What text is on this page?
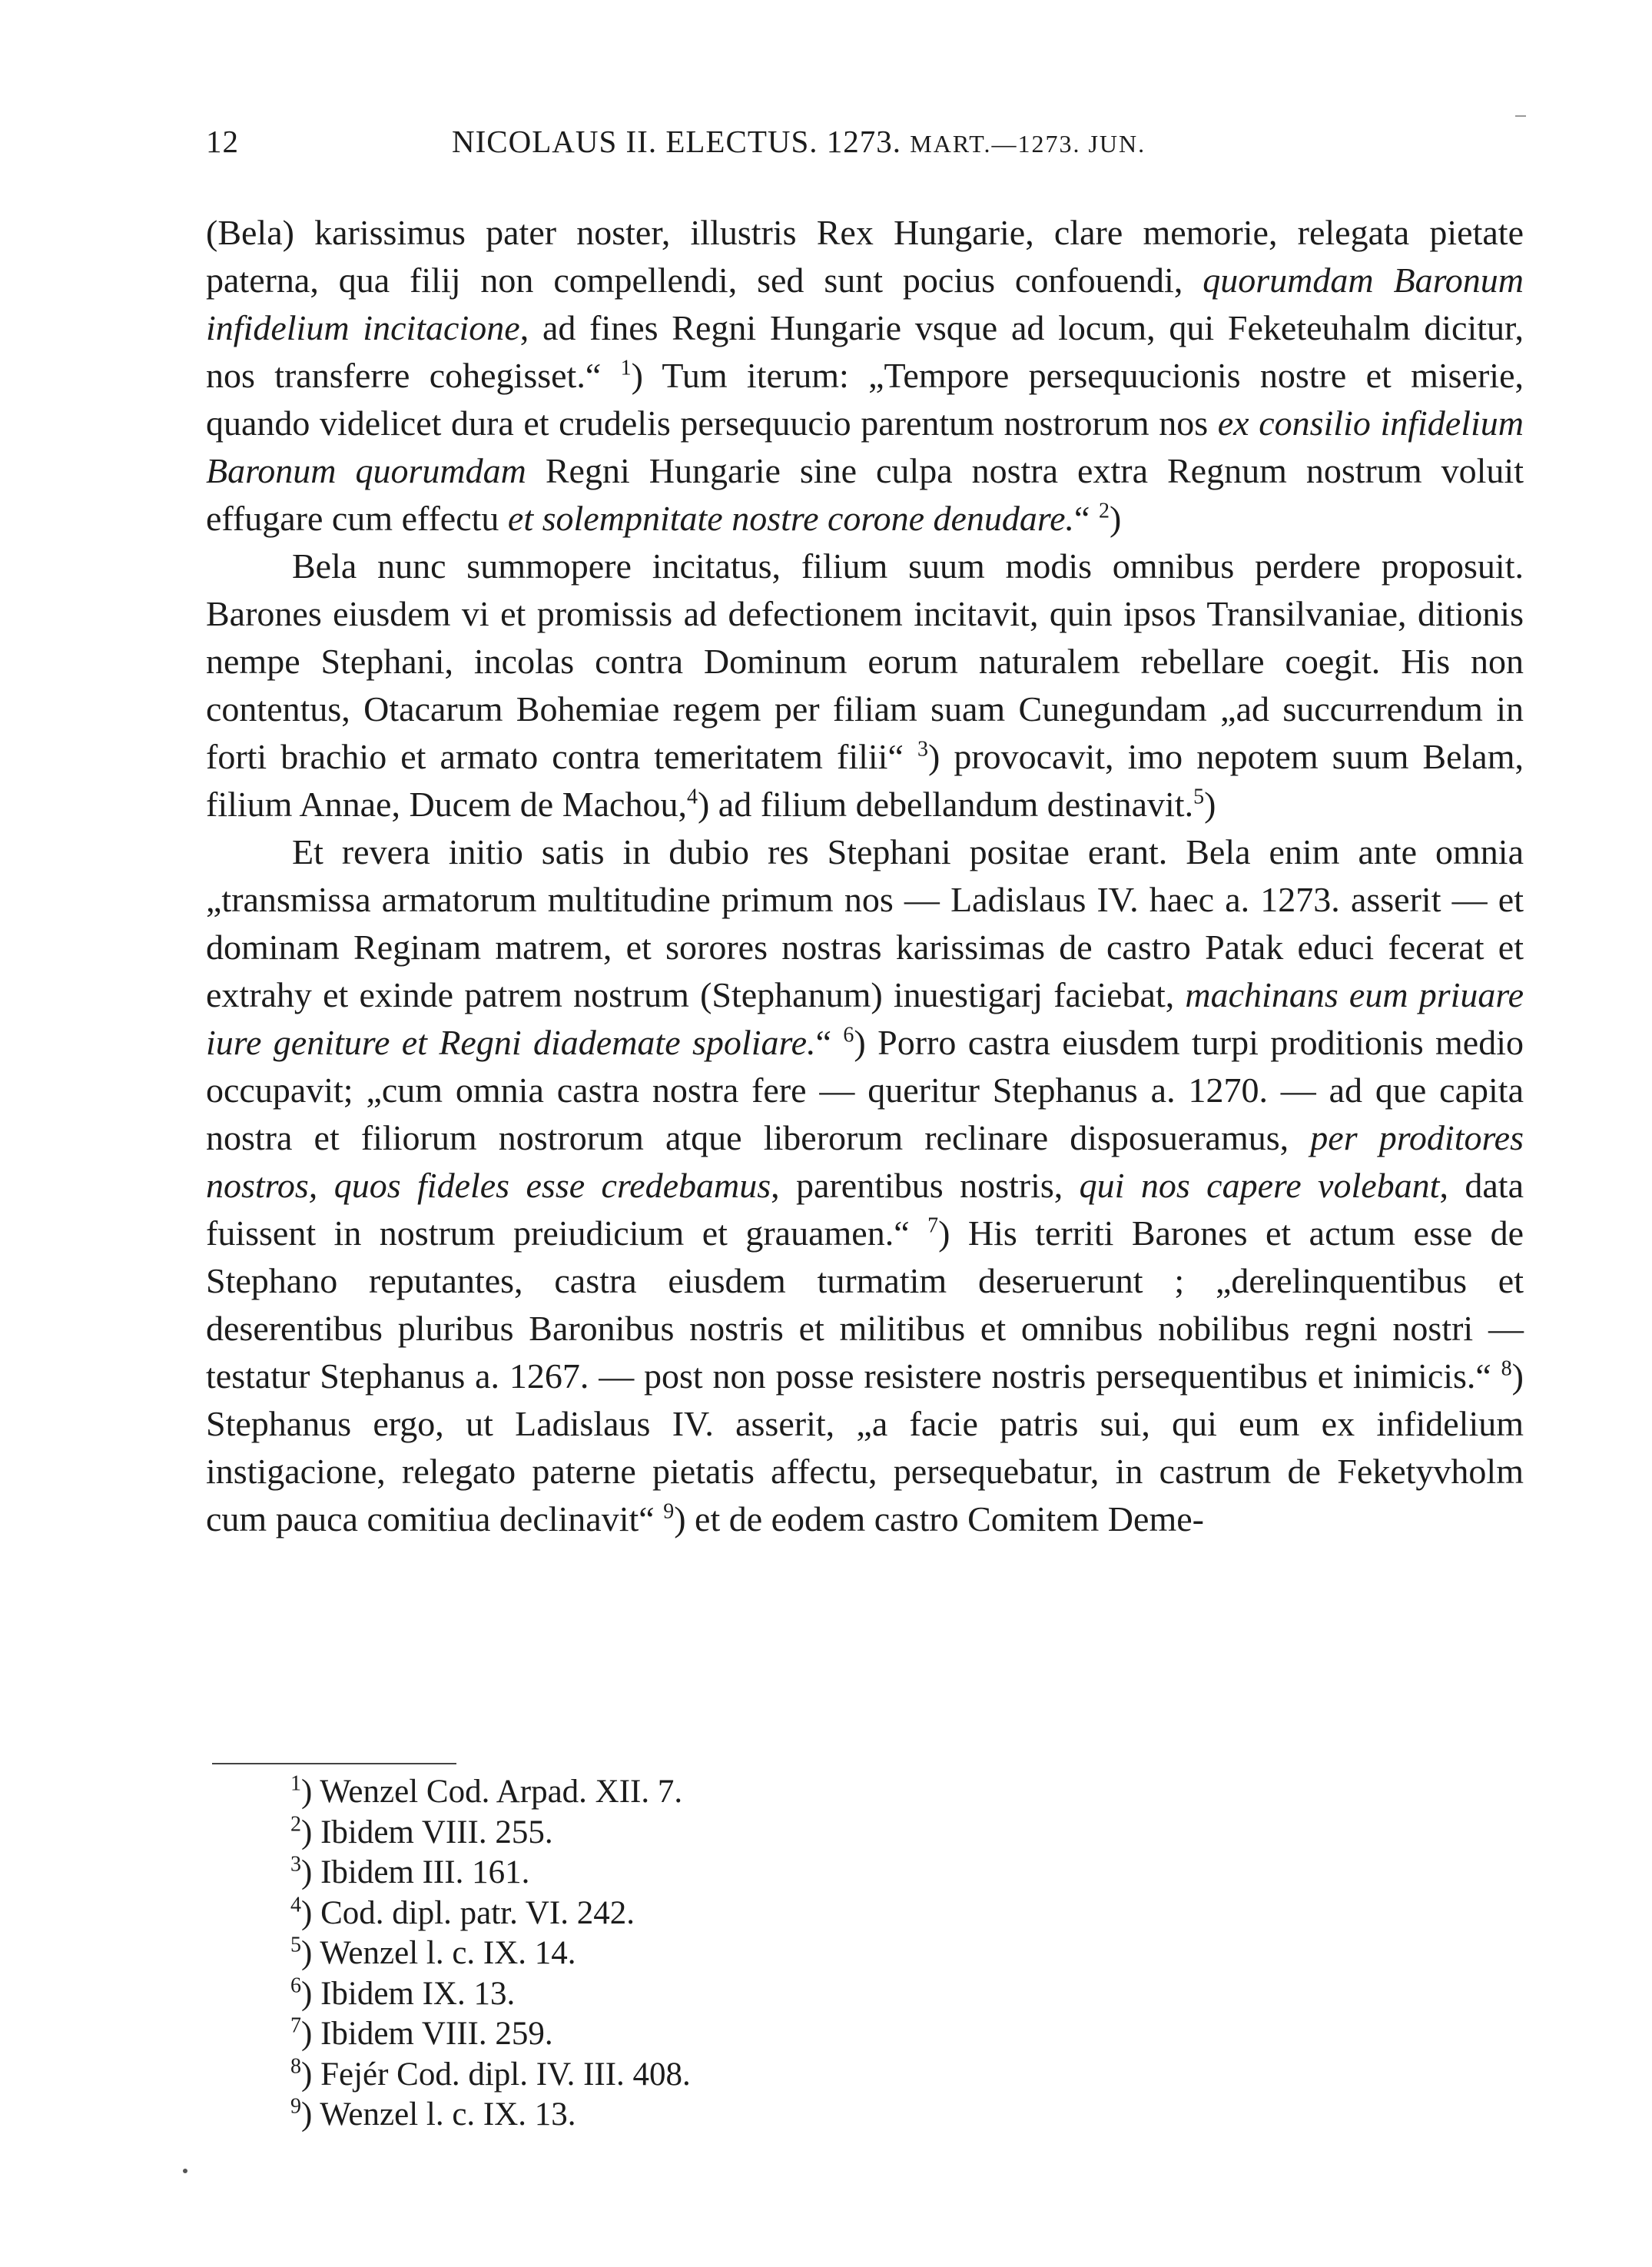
12	NICOLAUS II. ELECTUS. 1273. MART.—1273. JUN.

(Bela) karissimus pater noster, illustris Rex Hungarie, clare memorie, relegata pietate paterna, qua filij non compellendi, sed sunt pocius confouendi, quorumdam Baronum infidelium incitacione, ad fines Regni Hungarie vsque ad locum, qui Feketeuhalm dicitur, nos transferre cohegisset.“ $^1$) Tum iterum: „Tempore persequucionis nostre et miserie, quando videlicet dura et crudelis persequucio parentum nostrorum nos ex consilio infidelium Baronum quorumdam Regni Hungarie sine culpa nostra extra Regnum nostrum voluit effugare cum effectu et solempnitate nostre corone denudare.“ $^2$)

Bela nunc summopere incitatus, filium suum modis omnibus perdere proposuit. Barones eiusdem vi et promissis ad defectionem incitavit, quin ipsos Transilvaniae, ditionis nempe Stephani, incolas contra Dominum eorum naturalem rebellare coegit. His non contentus, Otacarum Bohemiae regem per filiam suam Cunegundam „ad succurrendum in forti brachio et armato contra temeritatem filii“ $^3$) provocavit, imo nepotem suum Belam, filium Annae, Ducem de Machou,$^4$) ad filium debellandum destinavit.$^5$)

Et revera initio satis in dubio res Stephani positae erant. Bela enim ante omnia „transmissa armatorum multitudine primum nos — Ladislaus IV. haec a. 1273. asserit — et dominam Reginam matrem, et sorores nostras karissimas de castro Patak educi fecerat et extrahy et exinde patrem nostrum (Stephanum) inuestigarj faciebat, machinans eum priuare iure geniture et Regni diademate spoliare.“ $^6$) Porro castra eiusdem turpi proditionis medio occupavit; „cum omnia castra nostra fere — queritur Stephanus a. 1270. — ad que capita nostra et filiorum nostrorum atque liberorum reclinare disposueramus, per proditores nostros, quos fideles esse credebamus, parentibus nostris, qui nos capere volebant, data fuissent in nostrum preiudicium et grauamen.“ $^7$) His territi Barones et actum esse de Stephano reputantes, castra eiusdem turmatim deseruerunt ; „derelinquentibus et deserentibus pluribus Baronibus nostris et militibus et omnibus nobilibus regni nostri — testatur Stephanus a. 1267. — post non posse resistere nostris persequentibus et inimicis.“ $^8$) Stephanus ergo, ut Ladislaus IV. asserit, „a facie patris sui, qui eum ex infidelium instigacione, relegato paterne pietatis affectu, persequebatur, in castrum de Feketyvholm cum pauca comitiua declinavit“ $^9$) et de eodem castro Comitem Deme-

$^1$) Wenzel Cod. Arpad. XII. 7.
$^2$) Ibidem VIII. 255.
$^3$) Ibidem III. 161.
$^4$) Cod. dipl. patr. VI. 242.
$^5$) Wenzel l. c. IX. 14.
$^6$) Ibidem IX. 13.
$^7$) Ibidem VIII. 259.
$^8$) Fejér Cod. dipl. IV. III. 408.
$^9$) Wenzel l. c. IX. 13.
